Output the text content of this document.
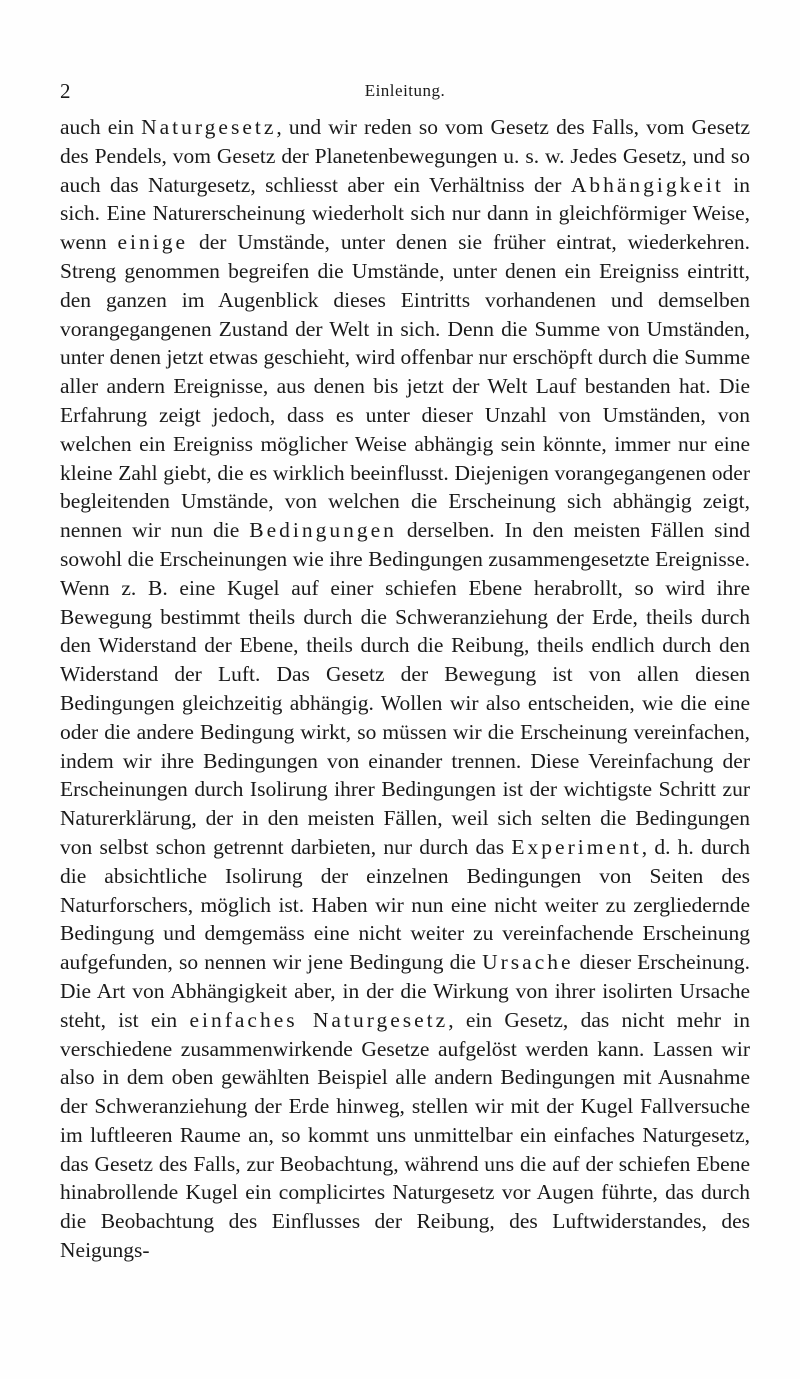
2	Einleitung.

auch ein Naturgesetz, und wir reden so vom Gesetz des Falls, vom Gesetz des Pendels, vom Gesetz der Planetenbewegungen u. s. w. Jedes Gesetz, und so auch das Naturgesetz, schliesst aber ein Verhältniss der Abhängigkeit in sich. Eine Naturerscheinung wiederholt sich nur dann in gleichförmiger Weise, wenn einige der Umstände, unter denen sie früher eintrat, wiederkehren. Streng genommen begreifen die Umstände, unter denen ein Ereigniss eintritt, den ganzen im Augenblick dieses Eintritts vorhandenen und demselben vorangegangenen Zustand der Welt in sich. Denn die Summe von Umständen, unter denen jetzt etwas geschieht, wird offenbar nur erschöpft durch die Summe aller andern Ereignisse, aus denen bis jetzt der Welt Lauf bestanden hat. Die Erfahrung zeigt jedoch, dass es unter dieser Unzahl von Umständen, von welchen ein Ereigniss möglicher Weise abhängig sein könnte, immer nur eine kleine Zahl giebt, die es wirklich beeinflusst. Diejenigen vorangegangenen oder begleitenden Umstände, von welchen die Erscheinung sich abhängig zeigt, nennen wir nun die Bedingungen derselben. In den meisten Fällen sind sowohl die Erscheinungen wie ihre Bedingungen zusammengesetzte Ereignisse. Wenn z. B. eine Kugel auf einer schiefen Ebene herabrollt, so wird ihre Bewegung bestimmt theils durch die Schweranziehung der Erde, theils durch den Widerstand der Ebene, theils durch die Reibung, theils endlich durch den Widerstand der Luft. Das Gesetz der Bewegung ist von allen diesen Bedingungen gleichzeitig abhängig. Wollen wir also entscheiden, wie die eine oder die andere Bedingung wirkt, so müssen wir die Erscheinung vereinfachen, indem wir ihre Bedingungen von einander trennen. Diese Vereinfachung der Erscheinungen durch Isolirung ihrer Bedingungen ist der wichtigste Schritt zur Naturerklärung, der in den meisten Fällen, weil sich selten die Bedingungen von selbst schon getrennt darbieten, nur durch das Experiment, d. h. durch die absichtliche Isolirung der einzelnen Bedingungen von Seiten des Naturforschers, möglich ist. Haben wir nun eine nicht weiter zu zergliedernde Bedingung und demgemäss eine nicht weiter zu vereinfachende Erscheinung aufgefunden, so nennen wir jene Bedingung die Ursache dieser Erscheinung. Die Art von Abhängigkeit aber, in der die Wirkung von ihrer isolirten Ursache steht, ist ein einfaches Naturgesetz, ein Gesetz, das nicht mehr in verschiedene zusammenwirkende Gesetze aufgelöst werden kann. Lassen wir also in dem oben gewählten Beispiel alle andern Bedingungen mit Ausnahme der Schweranziehung der Erde hinweg, stellen wir mit der Kugel Fallversuche im luftleeren Raume an, so kommt uns unmittelbar ein einfaches Naturgesetz, das Gesetz des Falls, zur Beobachtung, während uns die auf der schiefen Ebene hinabrollende Kugel ein complicirtes Naturgesetz vor Augen führte, das durch die Beobachtung des Einflusses der Reibung, des Luftwiderstandes, des Neigungs-
